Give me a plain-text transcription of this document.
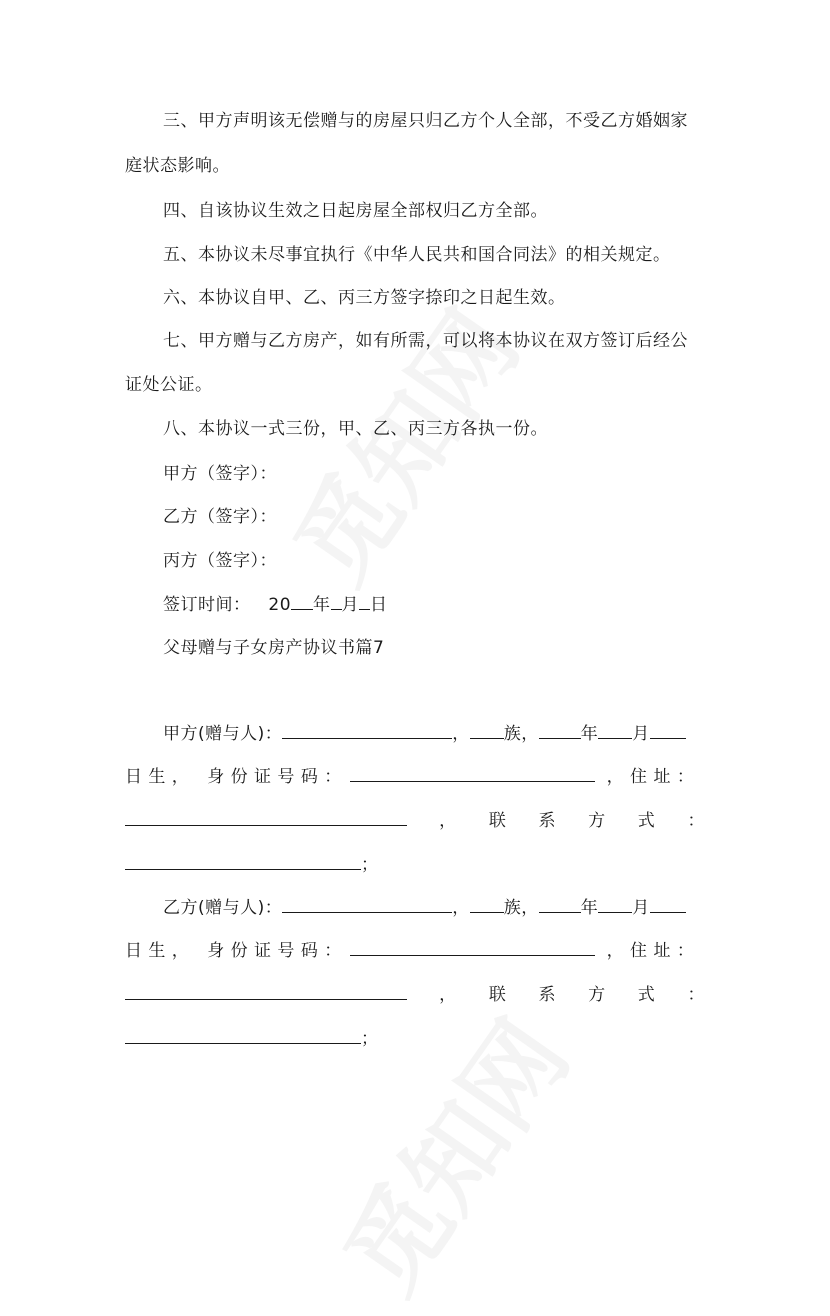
三、甲方声明该无偿赠与的房屋只归乙方个人全部，不受乙方婚姻家
庭状态影响。
四、自该协议生效之日起房屋全部权归乙方全部。
五、本协议未尽事宜执行《中华人民共和国合同法》的相关规定。
六、本协议自甲、乙、丙三方签字捺印之日起生效。
七、甲方赠与乙方房产，如有所需，可以将本协议在双方签订后经公
证处公证。
八、本协议一式三份，甲、乙、丙三方各执一份。
甲方（签字）：
乙方（签字）：
丙方（签字）：
签订时间： 20 年 月 日
父母赠与子女房产协议书篇7
甲方(赠与人)：	， 族， 年 月
日 生 ， 身 份 证 号 码 ：	， 住 址 ：
， 联 系 方 式 ：
；
乙方(赠与人)：	， 族， 年 月
日 生 ， 身 份 证 号 码 ：	， 住 址 ：
， 联 系 方 式 ：
；
